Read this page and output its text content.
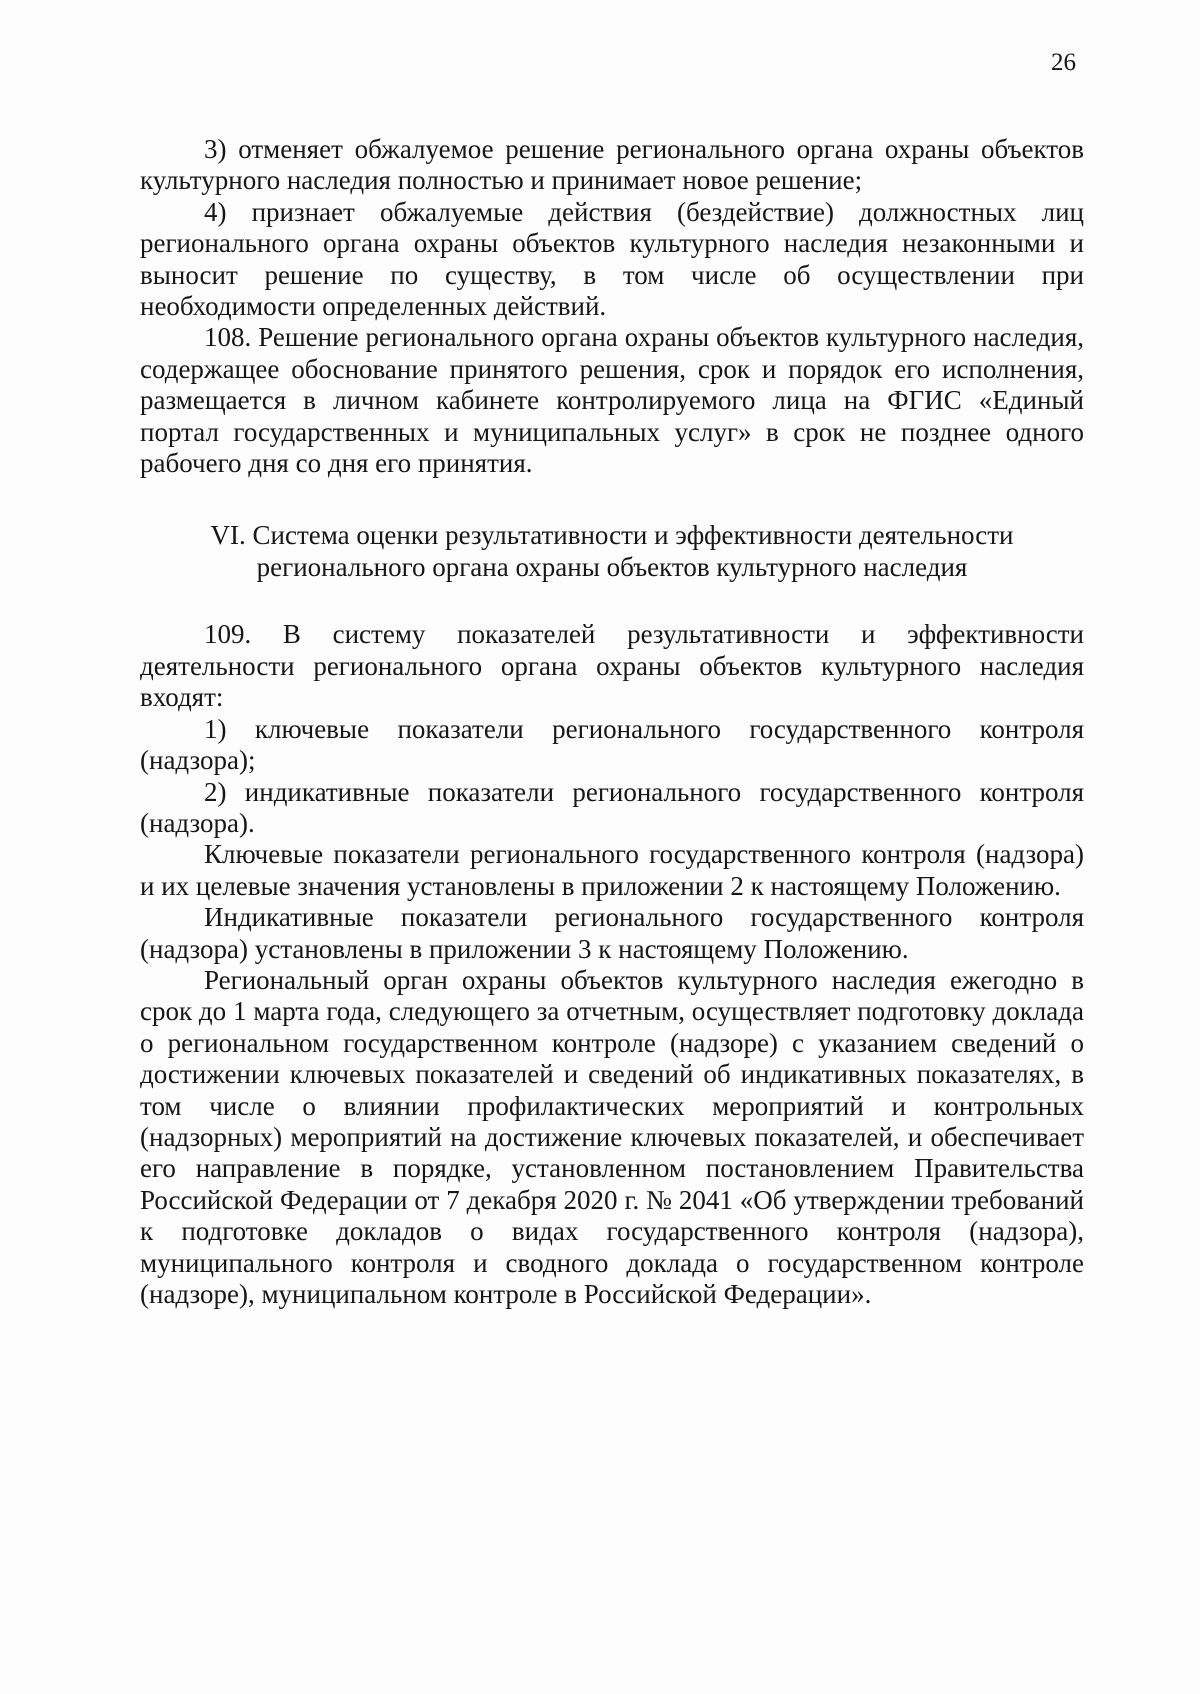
26

3) отменяет обжалуемое решение регионального органа охраны объектов культурного наследия полностью и принимает новое решение;

4) признает обжалуемые действия (бездействие) должностных лиц регионального органа охраны объектов культурного наследия незаконными и выносит решение по существу, в том числе об осуществлении при необходимости определенных действий.

108. Решение регионального органа охраны объектов культурного наследия, содержащее обоснование принятого решения, срок и порядок его исполнения, размещается в личном кабинете контролируемого лица на ФГИС «Единый портал государственных и муниципальных услуг» в срок не позднее одного рабочего дня со дня его принятия.

VI. Система оценки результативности и эффективности деятельности
регионального органа охраны объектов культурного наследия

109. В систему показателей результативности и эффективности деятельности регионального органа охраны объектов культурного наследия входят:

1) ключевые показатели регионального государственного контроля (надзора);

2) индикативные показатели регионального государственного контроля (надзора).

Ключевые показатели регионального государственного контроля (надзора) и их целевые значения установлены в приложении 2 к настоящему Положению.

Индикативные показатели регионального государственного контроля (надзора) установлены в приложении 3 к настоящему Положению.

Региональный орган охраны объектов культурного наследия ежегодно в срок до 1 марта года, следующего за отчетным, осуществляет подготовку доклада о региональном государственном контроле (надзоре) с указанием сведений о достижении ключевых показателей и сведений об индикативных показателях, в том числе о влиянии профилактических мероприятий и контрольных (надзорных) мероприятий на достижение ключевых показателей, и обеспечивает его направление в порядке, установленном постановлением Правительства Российской Федерации от 7 декабря 2020 г. № 2041 «Об утверждении требований к подготовке докладов о видах государственного контроля (надзора), муниципального контроля и сводного доклада о государственном контроле (надзоре), муниципальном контроле в Российской Федерации».
